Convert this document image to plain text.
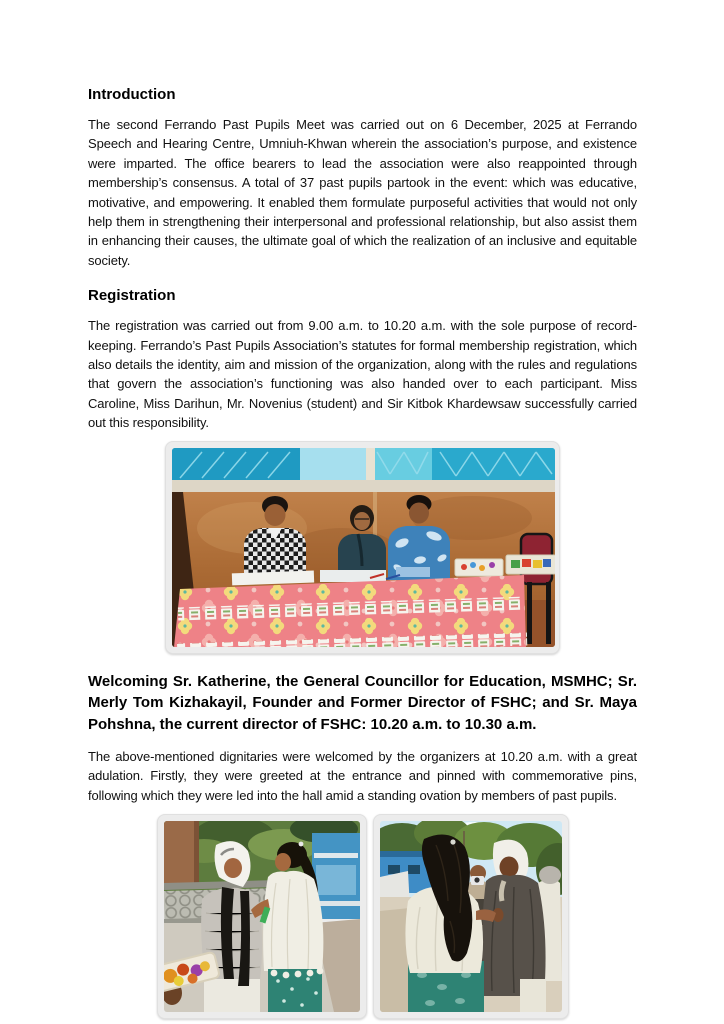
Introduction

The second Ferrando Past Pupils Meet was carried out on 6 December, 2025 at Ferrando Speech and Hearing Centre, Umniuh-Khwan wherein the association’s purpose, and existence were imparted. The office bearers to lead the association were also reappointed through membership’s consensus. A total of 37 past pupils partook in the event: which was educative, motivative, and empowering. It enabled them formulate purposeful activities that would not only help them in strengthening their interpersonal and professional relationship, but also assist them in enhancing their causes, the ultimate goal of which the realization of an inclusive and equitable society.

Registration

The registration was carried out from 9.00 a.m. to 10.20 a.m. with the sole purpose of record-keeping. Ferrando’s Past Pupils Association’s statutes for formal membership registration, which also details the identity, aim and mission of the organization, along with the rules and regulations that govern the association’s functioning was also handed over to each participant. Miss Caroline, Miss Darihun, Mr. Novenius (student) and Sir Kitbok Khardewsaw successfully carried out this responsibility.

Welcoming Sr. Katherine, the General Councillor for Education, MSMHC; Sr. Merly Tom Kizhakayil, Founder and Former Director of FSHC; and Sr. Maya Pohshna, the current director of FSHC: 10.20 a.m. to 10.30 a.m.

The above-mentioned dignitaries were welcomed by the organizers at 10.20 a.m. with a great adulation. Firstly, they were greeted at the entrance and pinned with commemorative pins, following which they were led into the hall amid a standing ovation by members of past pupils.
